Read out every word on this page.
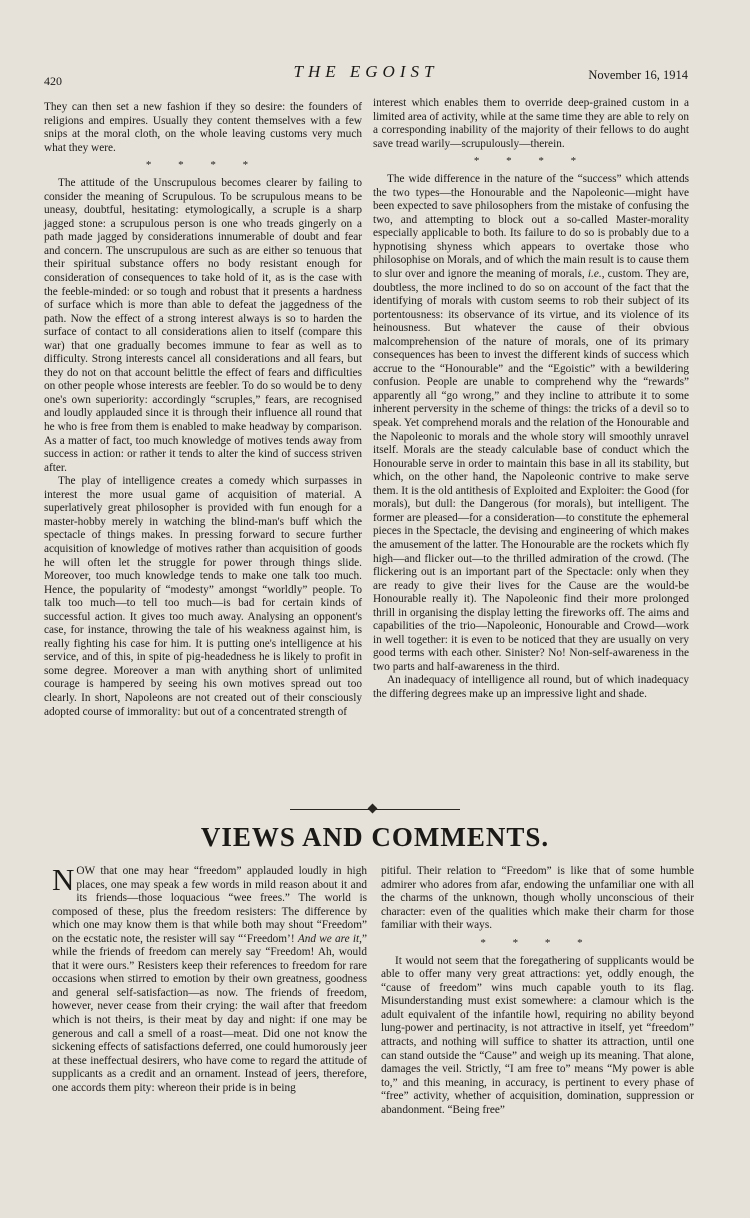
420	THE EGOIST	November 16, 1914

They can then set a new fashion if they so desire: the founders of religions and empires. Usually they content themselves with a few snips at the moral cloth, on the whole leaving customs very much what they were.

* * * *

The attitude of the Unscrupulous becomes clearer by failing to consider the meaning of Scrupulous. To be scrupulous means to be uneasy, doubtful, hesitating: etymologically, a scruple is a sharp jagged stone: a scrupulous person is one who treads gingerly on a path made jagged by considerations innumerable of doubt and fear and concern. The unscrupulous are such as are either so tenuous that their spiritual substance offers no body resistant enough for consideration of consequences to take hold of it, as is the case with the feeble-minded: or so tough and robust that it presents a hardness of surface which is more than able to defeat the jaggedness of the path. Now the effect of a strong interest always is so to harden the surface of contact to all considerations alien to itself (compare this war) that one gradually becomes immune to fear as well as to difficulty. Strong interests cancel all considerations and all fears, but they do not on that account belittle the effect of fears and difficulties on other people whose interests are feebler. To do so would be to deny one's own superiority: accordingly “scruples,” fears, are recognised and loudly applauded since it is through their influence all round that he who is free from them is enabled to make headway by comparison. As a matter of fact, too much knowledge of motives tends away from success in action: or rather it tends to alter the kind of success striven after.

The play of intelligence creates a comedy which surpasses in interest the more usual game of acquisition of material. A superlatively great philosopher is provided with fun enough for a master-hobby merely in watching the blind-man's buff which the spectacle of things makes. In pressing forward to secure further acquisition of knowledge of motives rather than acquisition of goods he will often let the struggle for power through things slide. Moreover, too much knowledge tends to make one talk too much. Hence, the popularity of “modesty” amongst “worldly” people. To talk too much—to tell too much—is bad for certain kinds of successful action. It gives too much away. Analysing an opponent's case, for instance, throwing the tale of his weakness against him, is really fighting his case for him. It is putting one's intelligence at his service, and of this, in spite of pig-headedness he is likely to profit in some degree. Moreover a man with anything short of unlimited courage is hampered by seeing his own motives spread out too clearly. In short, Napoleons are not created out of their consciously adopted course of immorality: but out of a concentrated strength of

interest which enables them to override deep-grained custom in a limited area of activity, while at the same time they are able to rely on a corresponding inability of the majority of their fellows to do aught save tread warily—scrupulously—therein.

* * * *

The wide difference in the nature of the “success” which attends the two types—the Honourable and the Napoleonic—might have been expected to save philosophers from the mistake of confusing the two, and attempting to block out a so-called Master-morality especially applicable to both. Its failure to do so is probably due to a hypnotising shyness which appears to overtake those who philosophise on Morals, and of which the main result is to cause them to slur over and ignore the meaning of morals, i.e., custom. They are, doubtless, the more inclined to do so on account of the fact that the identifying of morals with custom seems to rob their subject of its portentousness: its observance of its virtue, and its violence of its heinousness. But whatever the cause of their obvious malcomprehension of the nature of morals, one of its primary consequences has been to invest the different kinds of success which accrue to the “Honourable” and the “Egoistic” with a bewildering confusion. People are unable to comprehend why the “rewards” apparently all “go wrong,” and they incline to attribute it to some inherent perversity in the scheme of things: the tricks of a devil so to speak. Yet comprehend morals and the relation of the Honourable and the Napoleonic to morals and the whole story will smoothly unravel itself. Morals are the steady calculable base of conduct which the Honourable serve in order to maintain this base in all its stability, but which, on the other hand, the Napoleonic contrive to make serve them. It is the old antithesis of Exploited and Exploiter: the Good (for morals), but dull: the Dangerous (for morals), but intelligent. The former are pleased—for a consideration—to constitute the ephemeral pieces in the Spectacle, the devising and engineering of which makes the amusement of the latter. The Honourable are the rockets which fly high—and flicker out—to the thrilled admiration of the crowd. (The flickering out is an important part of the Spectacle: only when they are ready to give their lives for the Cause are the would-be Honourable really it). The Napoleonic find their more prolonged thrill in organising the display letting the fireworks off. The aims and capabilities of the trio—Napoleonic, Honourable and Crowd—work in well together: it is even to be noticed that they are usually on very good terms with each other. Sinister? No! Non-self-awareness in the two parts and half-awareness in the third.

An inadequacy of intelligence all round, but of which inadequacy the differing degrees make up an impressive light and shade.

VIEWS AND COMMENTS.

NOW that one may hear “freedom” applauded loudly in high places, one may speak a few words in mild reason about it and its friends—those loquacious “wee frees.” The world is composed of these, plus the freedom resisters: The difference by which one may know them is that while both may shout “Freedom” on the ecstatic note, the resister will say “‘Freedom’! And we are it,” while the friends of freedom can merely say “Freedom! Ah, would that it were ours.” Resisters keep their references to freedom for rare occasions when stirred to emotion by their own greatness, goodness and general self-satisfaction—as now. The friends of freedom, however, never cease from their crying: the wail after that freedom which is not theirs, is their meat by day and night: if one may be generous and call a smell of a roast—meat. Did one not know the sickening effects of satisfactions deferred, one could humorously jeer at these ineffectual desirers, who have come to regard the attitude of supplicants as a credit and an ornament. Instead of jeers, therefore, one accords them pity: whereon their pride is in being

pitiful. Their relation to “Freedom” is like that of some humble admirer who adores from afar, endowing the unfamiliar one with all the charms of the unknown, though wholly unconscious of their character: even of the qualities which make their charm for those familiar with their ways.

* * * *

It would not seem that the foregathering of supplicants would be able to offer many very great attractions: yet, oddly enough, the “cause of freedom” wins much capable youth to its flag. Misunderstanding must exist somewhere: a clamour which is the adult equivalent of the infantile howl, requiring no ability beyond lung-power and pertinacity, is not attractive in itself, yet “freedom” attracts, and nothing will suffice to shatter its attraction, until one can stand outside the “Cause” and weigh up its meaning. That alone, damages the veil. Strictly, “I am free to” means “My power is able to,” and this meaning, in accuracy, is pertinent to every phase of “free” activity, whether of acquisition, domination, suppression or abandonment. “Being free”
